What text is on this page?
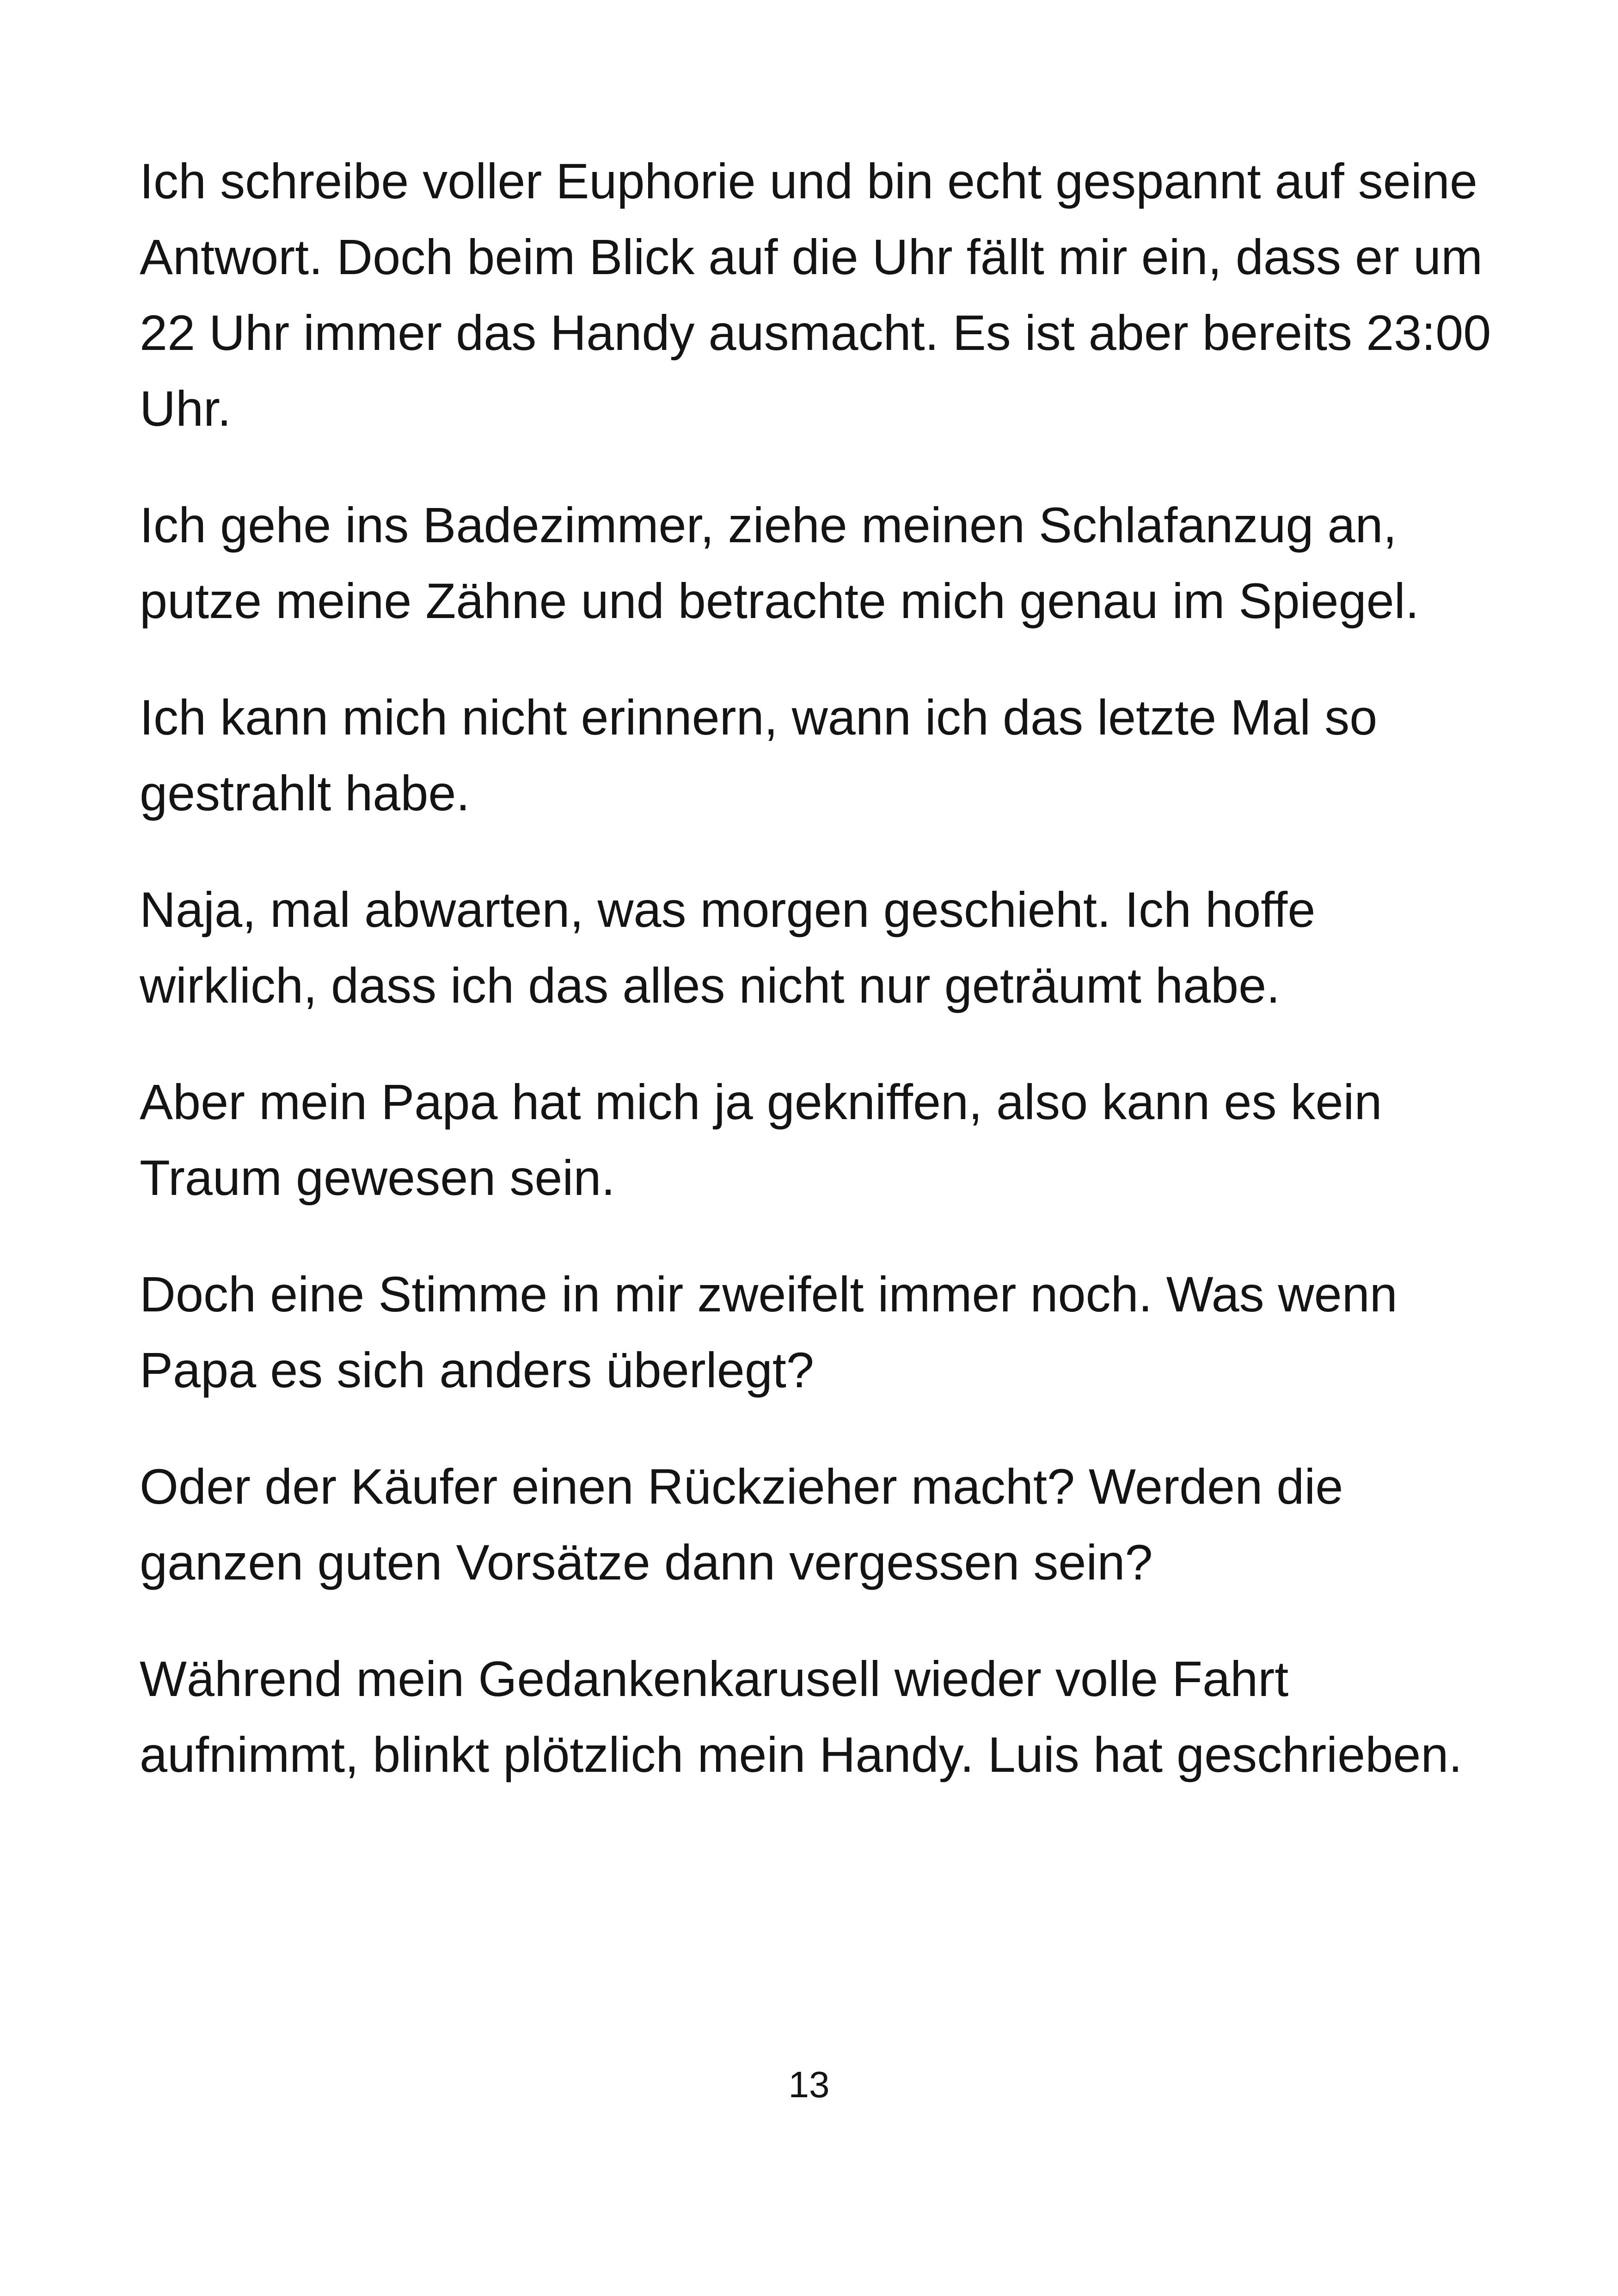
Ich schreibe voller Euphorie und bin echt gespannt auf seine
Antwort. Doch beim Blick auf die Uhr fällt mir ein, dass er um
22 Uhr immer das Handy ausmacht. Es ist aber bereits 23:00
Uhr.

Ich gehe ins Badezimmer, ziehe meinen Schlafanzug an,
putze meine Zähne und betrachte mich genau im Spiegel.

Ich kann mich nicht erinnern, wann ich das letzte Mal so
gestrahlt habe.

Naja, mal abwarten, was morgen geschieht. Ich hoffe
wirklich, dass ich das alles nicht nur geträumt habe.

Aber mein Papa hat mich ja gekniffen, also kann es kein
Traum gewesen sein.

Doch eine Stimme in mir zweifelt immer noch. Was wenn
Papa es sich anders überlegt?

Oder der Käufer einen Rückzieher macht? Werden die
ganzen guten Vorsätze dann vergessen sein?

Während mein Gedankenkarusell wieder volle Fahrt
aufnimmt, blinkt plötzlich mein Handy. Luis hat geschrieben.

13
